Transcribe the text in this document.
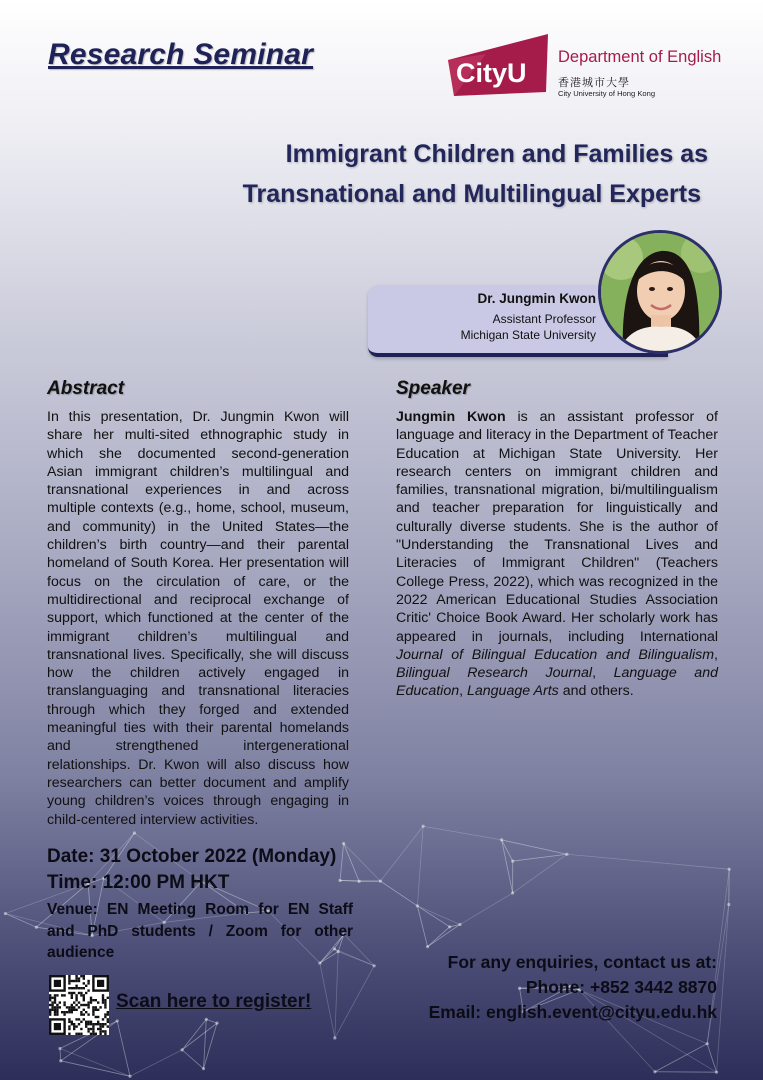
Research Seminar
CityU
Department of English
香港城市大學
City University of Hong Kong
Immigrant Children and Families as
Transnational and Multilingual Experts
Dr. Jungmin Kwon
Assistant Professor
Michigan State University
Abstract
In this presentation, Dr. Jungmin Kwon will share her multi-sited ethnographic study in which she documented second-generation Asian immigrant children’s multilingual and transnational experiences in and across multiple contexts (e.g., home, school, museum, and community) in the United States—the children’s birth country—and their parental homeland of South Korea. Her presentation will focus on the circulation of care, or the multidirectional and reciprocal exchange of support, which functioned at the center of the immigrant children’s multilingual and transnational lives. Specifically, she will discuss how the children actively engaged in translanguaging and transnational literacies through which they forged and extended meaningful ties with their parental homelands and strengthened intergenerational relationships. Dr. Kwon will also discuss how researchers can better document and amplify young children’s voices through engaging in child-centered interview activities.
Speaker
Jungmin Kwon is an assistant professor of language and literacy in the Department of Teacher Education at Michigan State University. Her research centers on immigrant children and families, transnational migration, bi/multilingualism and teacher preparation for linguistically and culturally diverse students. She is the author of "Understanding the Transnational Lives and Literacies of Immigrant Children" (Teachers College Press, 2022), which was recognized in the 2022 American Educational Studies Association Critic' Choice Book Award. Her scholarly work has appeared in journals, including International Journal of Bilingual Education and Bilingualism, Bilingual Research Journal, Language and Education, Language Arts and others.
Date: 31 October 2022 (Monday)
Time: 12:00 PM HKT
Venue: EN Meeting Room for EN Staff and PhD students / Zoom for other audience
Scan here to register!
For any enquiries, contact us at:
Phone: +852 3442 8870
Email: english.event@cityu.edu.hk
